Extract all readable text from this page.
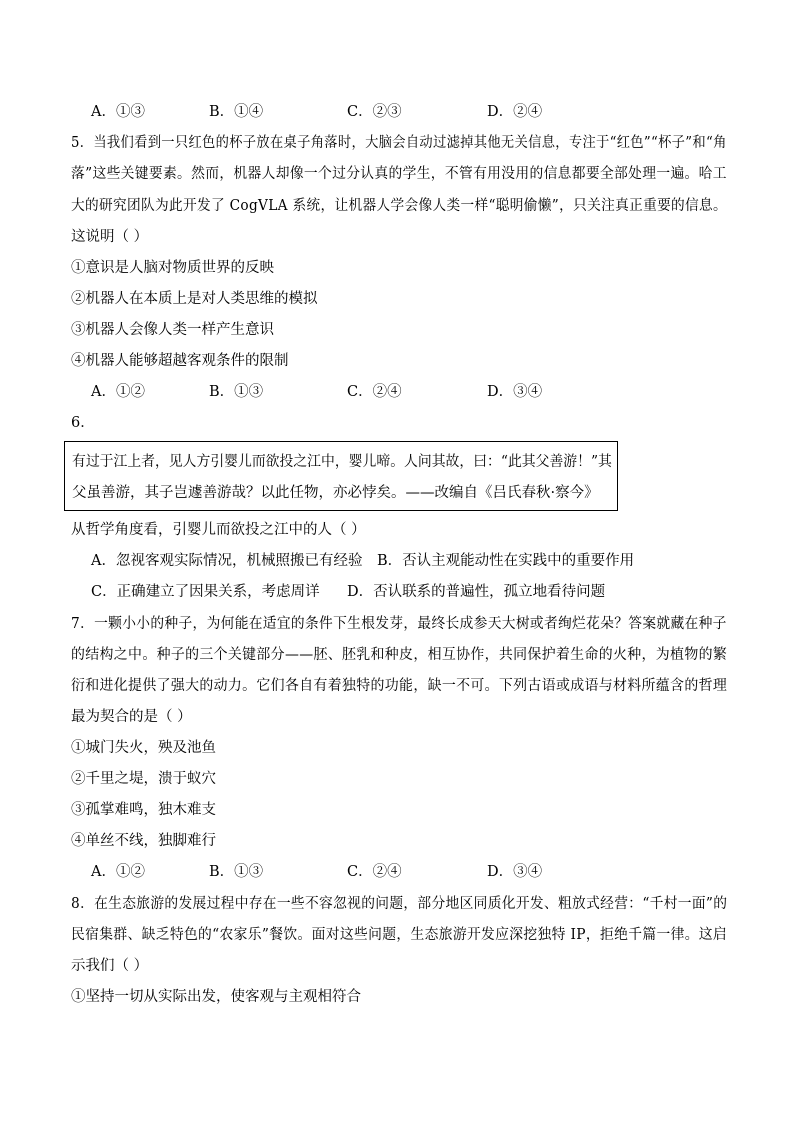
A．①③	B．①④	C．②③	D．②④
5．当我们看到一只红色的杯子放在桌子角落时，大脑会自动过滤掉其他无关信息，专注于“红色”“杯子”和“角
落”这些关键要素。然而，机器人却像一个过分认真的学生，不管有用没用的信息都要全部处理一遍。哈工
大的研究团队为此开发了 CogVLA 系统，让机器人学会像人类一样“聪明偷懒”，只关注真正重要的信息。
这说明（ ）
①意识是人脑对物质世界的反映
②机器人在本质上是对人类思维的模拟
③机器人会像人类一样产生意识
④机器人能够超越客观条件的限制
A．①②	B．①③	C．②④	D．③④
6．
有过于江上者，见人方引婴儿而欲投之江中，婴儿啼。人问其故，曰：“此其父善游！”其
父虽善游，其子岂遽善游哉？以此任物，亦必悖矣。——改编自《吕氏春秋·察今》
从哲学角度看，引婴儿而欲投之江中的人（ ）
A．忽视客观实际情况，机械照搬已有经验 B．否认主观能动性在实践中的重要作用
C．正确建立了因果关系，考虑周详 D．否认联系的普遍性，孤立地看待问题
7．一颗小小的种子，为何能在适宜的条件下生根发芽，最终长成参天大树或者绚烂花朵？答案就藏在种子
的结构之中。种子的三个关键部分——胚、胚乳和种皮，相互协作，共同保护着生命的火种，为植物的繁
衍和进化提供了强大的动力。它们各自有着独特的功能，缺一不可。下列古语或成语与材料所蕴含的哲理
最为契合的是（ ）
①城门失火，殃及池鱼
②千里之堤，溃于蚁穴
③孤掌难鸣，独木难支
④单丝不线，独脚难行
A．①②	B．①③	C．②④	D．③④
8．在生态旅游的发展过程中存在一些不容忽视的问题，部分地区同质化开发、粗放式经营：“千村一面”的
民宿集群、缺乏特色的“农家乐”餐饮。面对这些问题，生态旅游开发应深挖独特 IP，拒绝千篇一律。这启
示我们（ ）
①坚持一切从实际出发，使客观与主观相符合
